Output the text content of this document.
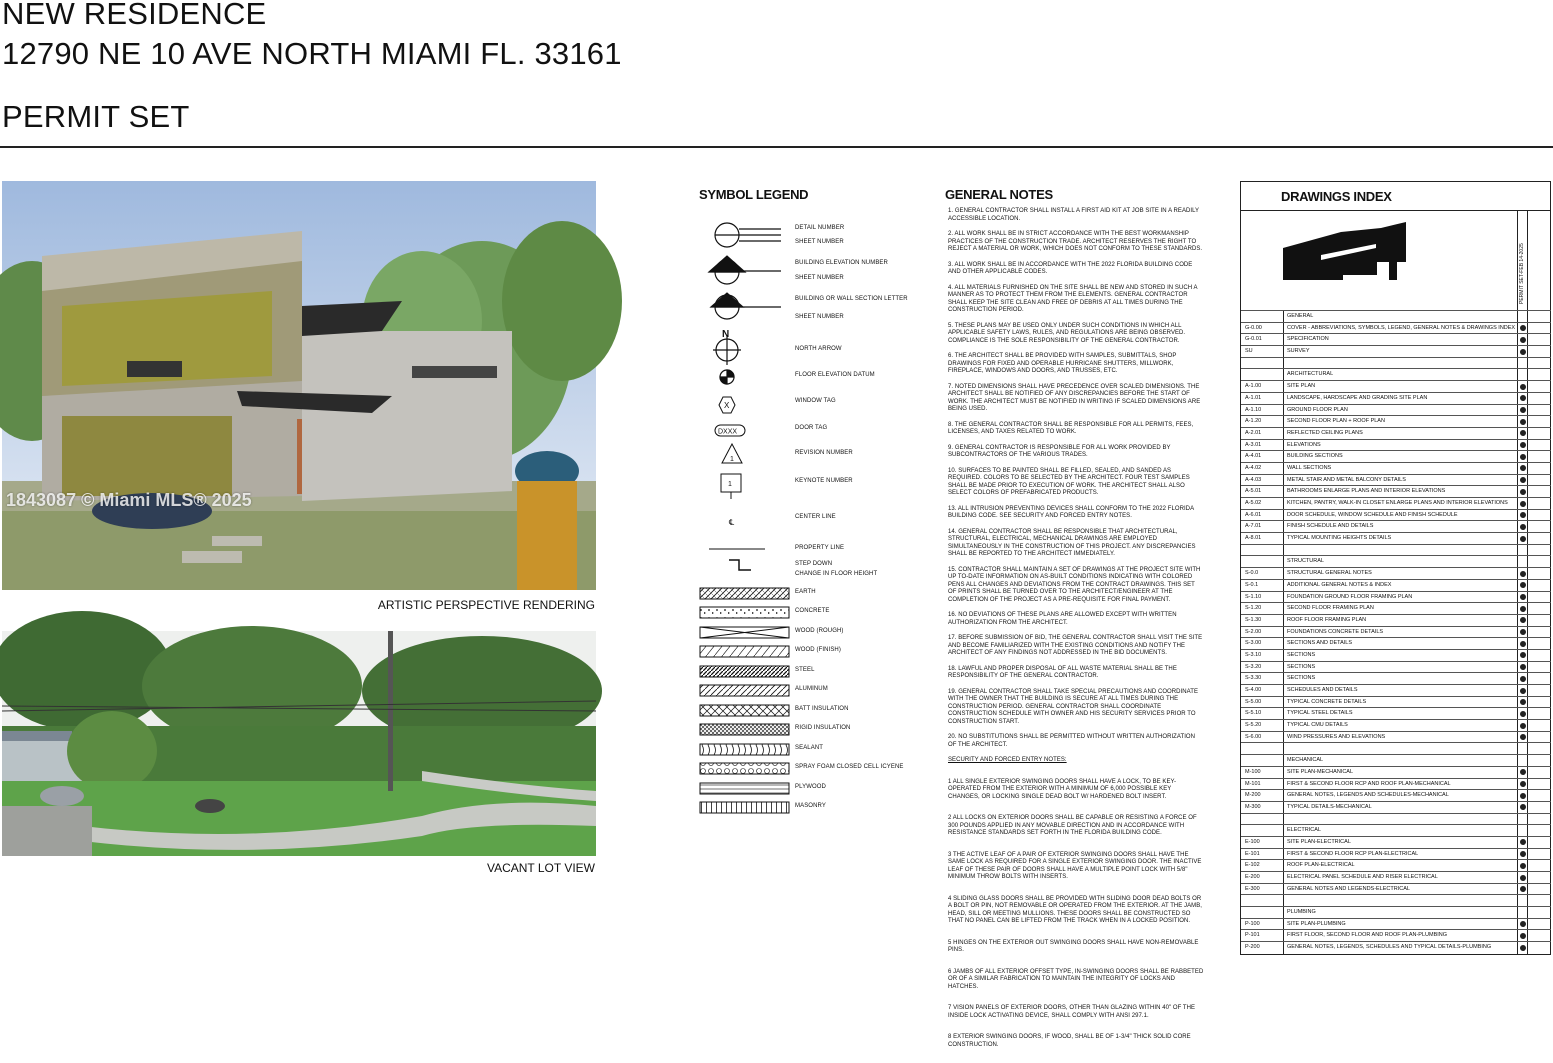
NEW RESIDENCE
12790 NE 10 AVE NORTH MIAMI FL. 33161
PERMIT SET
1843087 © Miami MLS® 2025
ARTISTIC PERSPECTIVE RENDERING
VACANT LOT VIEW
SYMBOL LEGEND
N
X
DXXX
1
1
℄
DETAIL NUMBER
SHEET NUMBER
BUILDING ELEVATION NUMBER
SHEET NUMBER
BUILDING OR WALL SECTION LETTER
SHEET NUMBER
NORTH ARROW
FLOOR ELEVATION DATUM
WINDOW TAG
DOOR TAG
REVISION NUMBER
KEYNOTE NUMBER
CENTER LINE
PROPERTY LINE
STEP DOWN
CHANGE IN FLOOR HEIGHT
EARTH
CONCRETE
WOOD (ROUGH)
WOOD (FINISH)
STEEL
ALUMINUM
BATT INSULATION
RIGID INSULATION
SEALANT
SPRAY FOAM CLOSED CELL ICYENE
PLYWOOD
MASONRY
GENERAL NOTES
1. GENERAL CONTRACTOR SHALL INSTALL A FIRST AID KIT AT JOB SITE IN A READILY ACCESSIBLE LOCATION.
2. ALL WORK SHALL BE IN STRICT ACCORDANCE WITH THE BEST WORKMANSHIP PRACTICES OF THE CONSTRUCTION TRADE. ARCHITECT RESERVES THE RIGHT TO REJECT A MATERIAL OR WORK, WHICH DOES NOT CONFORM TO THESE STANDARDS.
3. ALL WORK SHALL BE IN ACCORDANCE WITH THE 2022 FLORIDA BUILDING CODE AND OTHER APPLICABLE CODES.
4. ALL MATERIALS FURNISHED ON THE SITE SHALL BE NEW AND STORED IN SUCH A MANNER AS TO PROTECT THEM FROM THE ELEMENTS. GENERAL CONTRACTOR SHALL KEEP THE SITE CLEAN AND FREE OF DEBRIS AT ALL TIMES DURING THE CONSTRUCTION PERIOD.
5. THESE PLANS MAY BE USED ONLY UNDER SUCH CONDITIONS IN WHICH ALL APPLICABLE SAFETY LAWS, RULES, AND REGULATIONS ARE BEING OBSERVED. COMPLIANCE IS THE SOLE RESPONSIBILITY OF THE GENERAL CONTRACTOR.
6. THE ARCHITECT SHALL BE PROVIDED WITH SAMPLES, SUBMITTALS, SHOP DRAWINGS FOR FIXED AND OPERABLE HURRICANE SHUTTERS, MILLWORK, FIREPLACE, WINDOWS AND DOORS, AND TRUSSES, ETC.
7. NOTED DIMENSIONS SHALL HAVE PRECEDENCE OVER SCALED DIMENSIONS. THE ARCHITECT SHALL BE NOTIFIED OF ANY DISCREPANCIES BEFORE THE START OF WORK. THE ARCHITECT MUST BE NOTIFIED IN WRITING IF SCALED DIMENSIONS ARE BEING USED.
8. THE GENERAL CONTRACTOR SHALL BE RESPONSIBLE FOR ALL PERMITS, FEES, LICENSES, AND TAXES RELATED TO WORK.
9. GENERAL CONTRACTOR IS RESPONSIBLE FOR ALL WORK PROVIDED BY SUBCONTRACTORS OF THE VARIOUS TRADES.
10. SURFACES TO BE PAINTED SHALL BE FILLED, SEALED, AND SANDED AS REQUIRED. COLORS TO BE SELECTED BY THE ARCHITECT. FOUR TEST SAMPLES SHALL BE MADE PRIOR TO EXECUTION OF WORK. THE ARCHITECT SHALL ALSO SELECT COLORS OF PREFABRICATED PRODUCTS.
13. ALL INTRUSION PREVENTING DEVICES SHALL CONFORM TO THE 2022 FLORIDA BUILDING CODE. SEE SECURITY AND FORCED ENTRY NOTES.
14. GENERAL CONTRACTOR SHALL BE RESPONSIBLE THAT ARCHITECTURAL, STRUCTURAL, ELECTRICAL, MECHANICAL DRAWINGS ARE EMPLOYED SIMULTANEOUSLY IN THE CONSTRUCTION OF THIS PROJECT. ANY DISCREPANCIES SHALL BE REPORTED TO THE ARCHITECT IMMEDIATELY.
15. CONTRACTOR SHALL MAINTAIN A SET OF DRAWINGS AT THE PROJECT SITE WITH UP TO-DATE INFORMATION ON AS-BUILT CONDITIONS INDICATING WITH COLORED PENS ALL CHANGES AND DEVIATIONS FROM THE CONTRACT DRAWINGS. THIS SET OF PRINTS SHALL BE TURNED OVER TO THE ARCHITECT/ENGINEER AT THE COMPLETION OF THE PROJECT AS A PRE-REQUISITE FOR FINAL PAYMENT.
16. NO DEVIATIONS OF THESE PLANS ARE ALLOWED EXCEPT WITH WRITTEN AUTHORIZATION FROM THE ARCHITECT.
17. BEFORE SUBMISSION OF BID, THE GENERAL CONTRACTOR SHALL VISIT THE SITE AND BECOME FAMILIARIZED WITH THE EXISTING CONDITIONS AND NOTIFY THE ARCHITECT OF ANY FINDINGS NOT ADDRESSED IN THE BID DOCUMENTS.
18. LAWFUL AND PROPER DISPOSAL OF ALL WASTE MATERIAL SHALL BE THE RESPONSIBILITY OF THE GENERAL CONTRACTOR.
19. GENERAL CONTRACTOR SHALL TAKE SPECIAL PRECAUTIONS AND COORDINATE WITH THE OWNER THAT THE BUILDING IS SECURE AT ALL TIMES DURING THE CONSTRUCTION PERIOD. GENERAL CONTRACTOR SHALL COORDINATE CONSTRUCTION SCHEDULE WITH OWNER AND HIS SECURITY SERVICES PRIOR TO CONSTRUCTION START.
20. NO SUBSTITUTIONS SHALL BE PERMITTED WITHOUT WRITTEN AUTHORIZATION OF THE ARCHITECT.
SECURITY AND FORCED ENTRY NOTES:
1 ALL SINGLE EXTERIOR SWINGING DOORS SHALL HAVE A LOCK, TO BE KEY-OPERATED FROM THE EXTERIOR WITH A MINIMUM OF 6,000 POSSIBLE KEY CHANGES, OR LOCKING SINGLE DEAD BOLT W/ HARDENED BOLT INSERT.
2 ALL LOCKS ON EXTERIOR DOORS SHALL BE CAPABLE OR RESISTING A FORCE OF 300 POUNDS APPLIED IN ANY MOVABLE DIRECTION AND IN ACCORDANCE WITH RESISTANCE STANDARDS SET FORTH IN THE FLORIDA BUILDING CODE.
3 THE ACTIVE LEAF OF A PAIR OF EXTERIOR SWINGING DOORS SHALL HAVE THE SAME LOCK AS REQUIRED FOR A SINGLE EXTERIOR SWINGING DOOR. THE INACTIVE LEAF OF THESE PAIR OF DOORS SHALL HAVE A MULTIPLE POINT LOCK WITH 5/8" MINIMUM THROW BOLTS WITH INSERTS.
4 SLIDING GLASS DOORS SHALL BE PROVIDED WITH SLIDING DOOR DEAD BOLTS OR A BOLT OR PIN, NOT REMOVABLE OR OPERATED FROM THE EXTERIOR. AT THE JAMB, HEAD, SILL OR MEETING MULLIONS. THESE DOORS SHALL BE CONSTRUCTED SO THAT NO PANEL CAN BE LIFTED FROM THE TRACK WHEN IN A LOCKED POSITION.
5 HINGES ON THE EXTERIOR OUT SWINGING DOORS SHALL HAVE NON-REMOVABLE PINS.
6 JAMBS OF ALL EXTERIOR OFFSET TYPE, IN-SWINGING DOORS SHALL BE RABBETED OR OF A SIMILAR FABRICATION TO MAINTAIN THE INTEGRITY OF LOCKS AND HATCHES.
7 VISION PANELS OF EXTERIOR DOORS, OTHER THAN GLAZING WITHIN 40" OF THE INSIDE LOCK ACTIVATING DEVICE, SHALL COMPLY WITH ANSI 297.1.
8 EXTERIOR SWINGING DOORS, IF WOOD, SHALL BE OF 1-3/4" THICK SOLID CORE CONSTRUCTION.
DRAWINGS INDEX
PERMIT SET-FEB 14-2025
GENERAL
G-0.00	COVER - ABBREVIATIONS, SYMBOLS, LEGEND, GENERAL NOTES & DRAWINGS INDEX
G-0.01	SPECIFICATION
SU	SURVEY
ARCHITECTURAL
A-1.00	SITE PLAN
A-1.01	LANDSCAPE, HARDSCAPE AND GRADING SITE PLAN
A-1.10	GROUND FLOOR PLAN
A-1.20	SECOND FLOOR PLAN + ROOF PLAN
A-2.01	REFLECTED CEILING PLANS
A-3.01	ELEVATIONS
A-4.01	BUILDING SECTIONS
A-4.02	WALL SECTIONS
A-4.03	METAL STAIR AND METAL BALCONY DETAILS
A-5.01	BATHROOMS ENLARGE PLANS AND INTERIOR ELEVATIONS
A-5.02	KITCHEN, PANTRY, WALK-IN CLOSET ENLARGE PLANS AND INTERIOR ELEVATIONS
A-6.01	DOOR SCHEDULE, WINDOW SCHEDULE AND FINISH SCHEDULE
A-7.01	FINISH SCHEDULE AND DETAILS
A-8.01	TYPICAL MOUNTING HEIGHTS DETAILS
STRUCTURAL
S-0.0	STRUCTURAL GENERAL NOTES
S-0.1	ADDITIONAL GENERAL NOTES & INDEX
S-1.10	FOUNDATION GROUND FLOOR FRAMING PLAN
S-1.20	SECOND FLOOR FRAMING PLAN
S-1.30	ROOF FLOOR FRAMING PLAN
S-2.00	FOUNDATIONS CONCRETE DETAILS
S-3.00	SECTIONS AND DETAILS
S-3.10	SECTIONS
S-3.20	SECTIONS
S-3.30	SECTIONS
S-4.00	SCHEDULES AND DETAILS
S-5.00	TYPICAL CONCRETE DETAILS
S-5.10	TYPICAL STEEL DETAILS
S-5.20	TYPICAL CMU DETAILS
S-6.00	WIND PRESSURES AND ELEVATIONS
MECHANICAL
M-100	SITE PLAN-MECHANICAL
M-101	FIRST & SECOND FLOOR RCP AND ROOF PLAN-MECHANICAL
M-200	GENERAL NOTES, LEGENDS AND SCHEDULES-MECHANICAL
M-300	TYPICAL DETAILS-MECHANICAL
ELECTRICAL
E-100	SITE PLAN-ELECTRICAL
E-101	FIRST & SECOND FLOOR RCP PLAN-ELECTRICAL
E-102	ROOF PLAN-ELECTRICAL
E-200	ELECTRICAL PANEL SCHEDULE AND RISER ELECTRICAL
E-300	GENERAL NOTES AND LEGENDS-ELECTRICAL
PLUMBING
P-100	SITE PLAN-PLUMBING
P-101	FIRST FLOOR, SECOND FLOOR AND ROOF PLAN-PLUMBING
P-200	GENERAL NOTES, LEGENDS, SCHEDULES AND TYPICAL DETAILS-PLUMBING
